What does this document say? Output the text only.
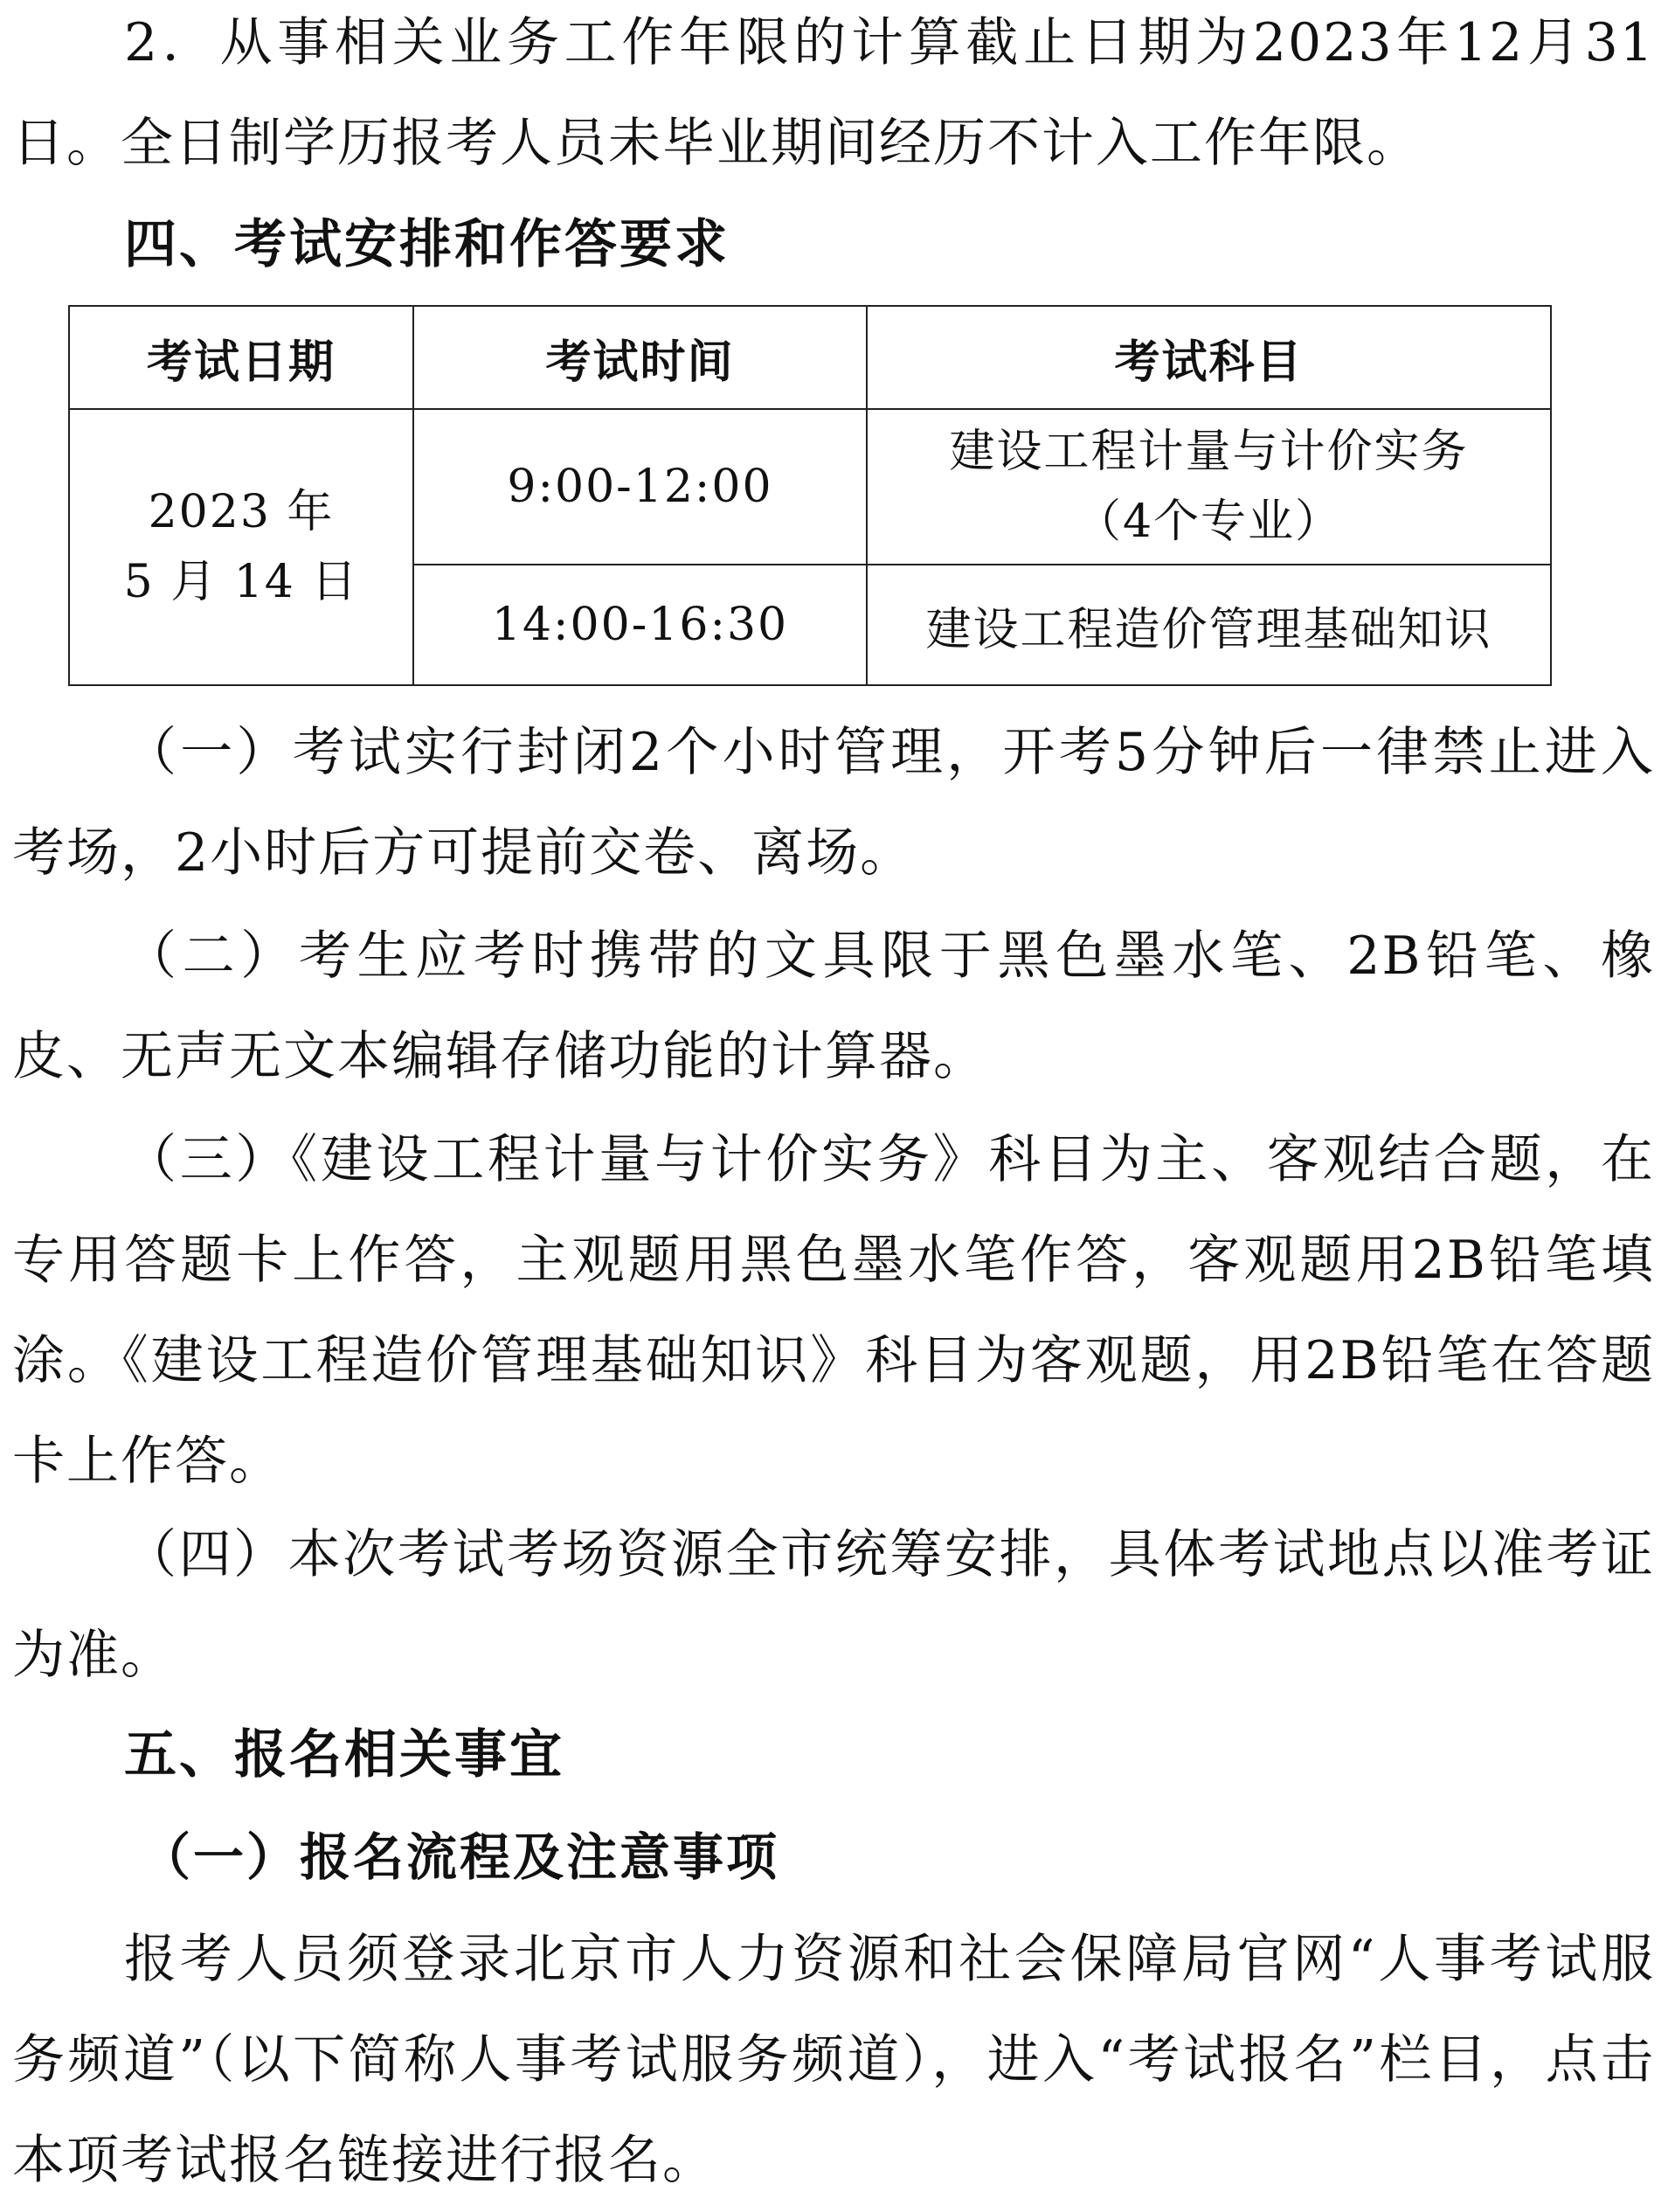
2．从事相关业务工作年限的计算截止日期为2023年12月31日。全日制学历报考人员未毕业期间经历不计入工作年限。

四、考试安排和作答要求
考试日期	考试时间	考试科目

2023 年
5 月 14 日	9:00-12:00	建设工程计量与计价实务
（4个专业）

	14:00-16:30	建设工程造价管理基础知识

（一）考试实行封闭2个小时管理，开考5分钟后一律禁止进入考场，2小时后方可提前交卷、离场。

（二）考生应考时携带的文具限于黑色墨水笔、2B铅笔、橡皮、无声无文本编辑存储功能的计算器。

（三）《建设工程计量与计价实务》科目为主、客观结合题，在专用答题卡上作答，主观题用黑色墨水笔作答，客观题用2B铅笔填涂。《建设工程造价管理基础知识》科目为客观题，用2B铅笔在答题卡上作答。

（四）本次考试考场资源全市统筹安排，具体考试地点以准考证为准。

五、报名相关事宜
（一）报名流程及注意事项

报考人员须登录北京市人力资源和社会保障局官网“人事考试服务频道”（以下简称人事考试服务频道），进入“考试报名”栏目，点击本项考试报名链接进行报名。
